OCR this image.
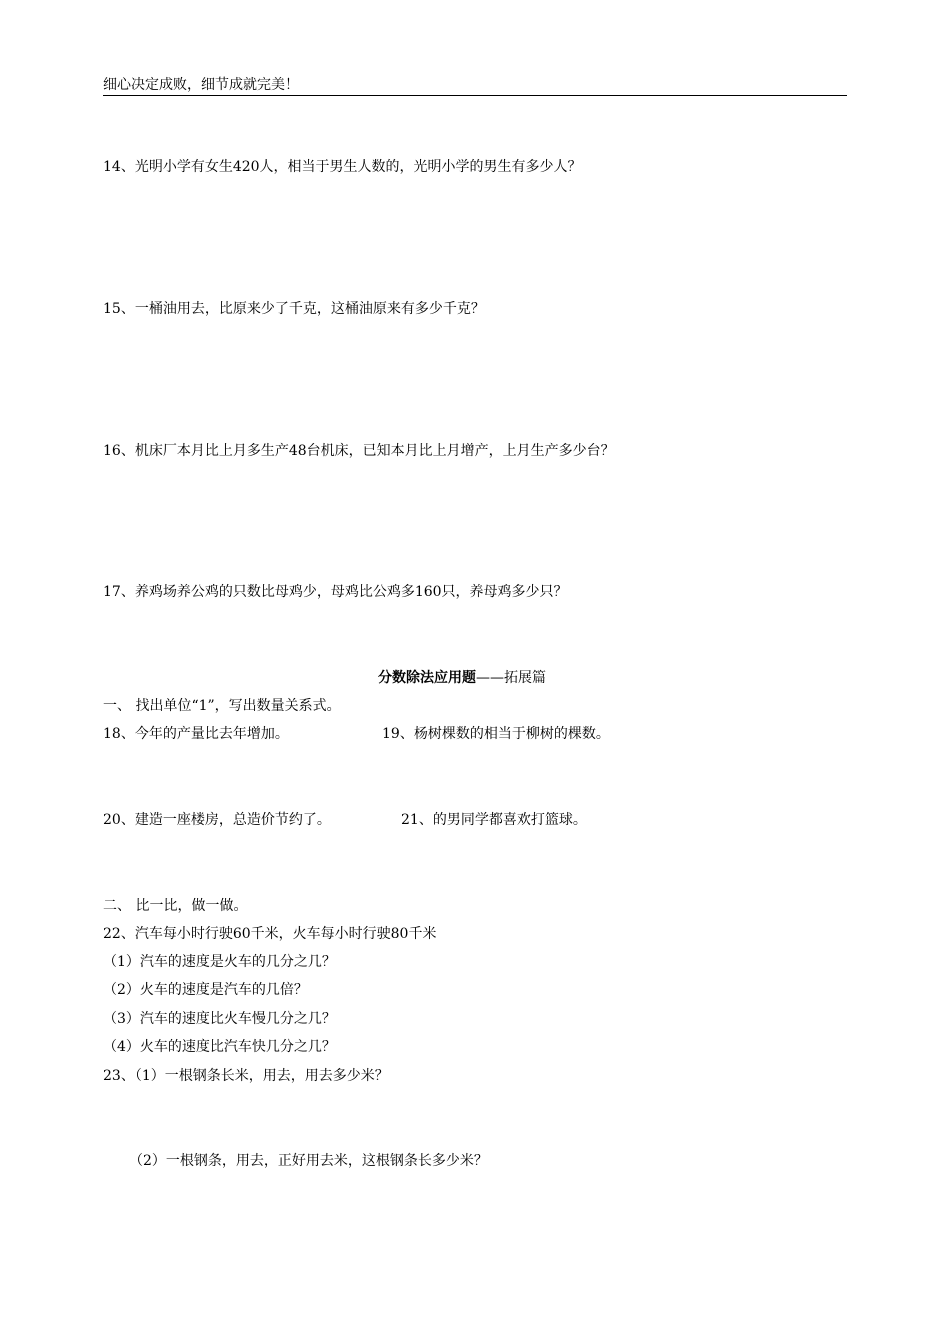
细心决定成败，细节成就完美！
14、光明小学有女生420人，相当于男生人数的，光明小学的男生有多少人？
15、一桶油用去，比原来少了千克，这桶油原来有多少千克？
16、机床厂本月比上月多生产48台机床，已知本月比上月增产，上月生产多少台？
17、养鸡场养公鸡的只数比母鸡少，母鸡比公鸡多160只，养母鸡多少只？
分数除法应用题——拓展篇
一、 找出单位“1”，写出数量关系式。
18、今年的产量比去年增加。	19、杨树棵数的相当于柳树的棵数。
20、建造一座楼房，总造价节约了。	21、的男同学都喜欢打篮球。
二、 比一比，做一做。
22、汽车每小时行驶60千米，火车每小时行驶80千米
（1）汽车的速度是火车的几分之几？
（2）火车的速度是汽车的几倍？
（3）汽车的速度比火车慢几分之几？
（4）火车的速度比汽车快几分之几？
23、（1）一根钢条长米，用去，用去多少米？
（2）一根钢条，用去，正好用去米，这根钢条长多少米？
